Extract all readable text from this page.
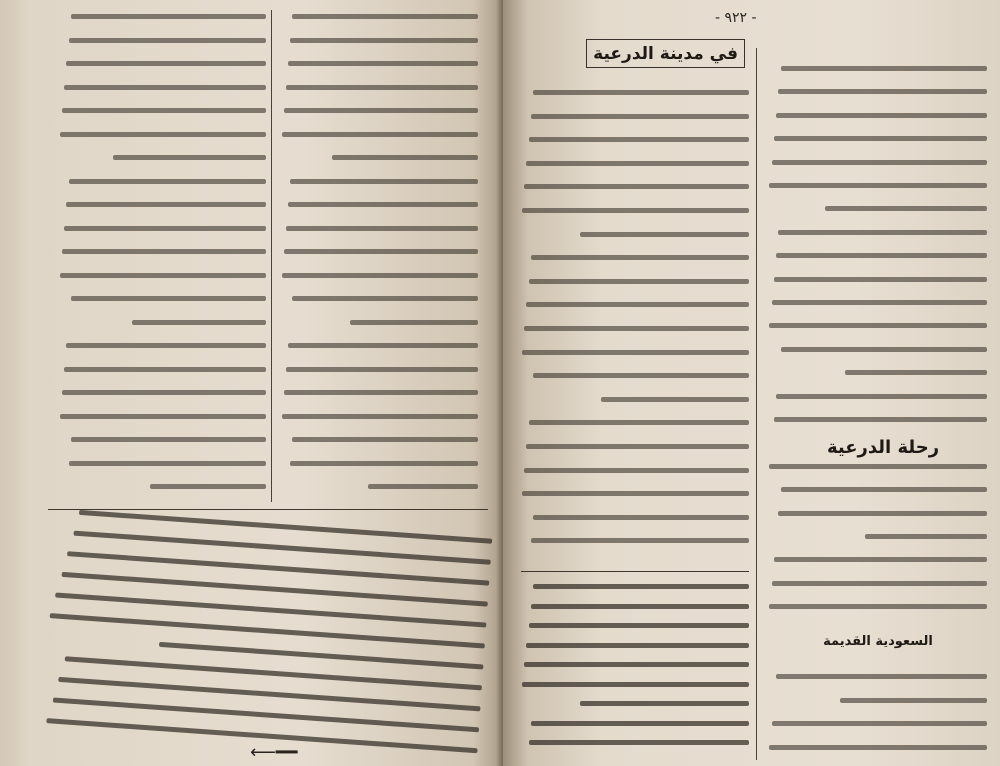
⟵━━
- ٩٢٢ -
رحلة الدرعية
السعودية القديمة
في مدينة الدرعية
